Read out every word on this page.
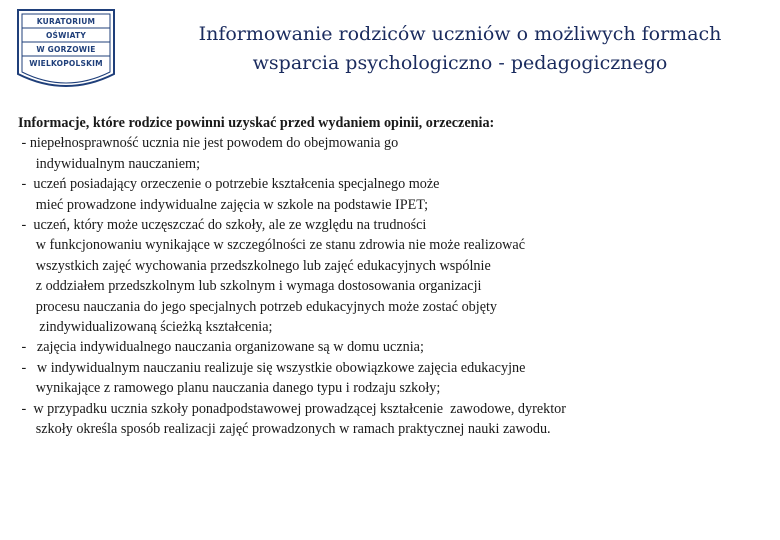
KURATORIUM
OŚWIATY
W GORZOWIE
WIELKOPOLSKIM
Informowanie rodziców uczniów o możliwych formach
wsparcia psychologiczno - pedagogicznego
Informacje, które rodzice powinni uzyskać przed wydaniem opinii, orzeczenia:
- niepełnosprawność ucznia nie jest powodem do obejmowania go
indywidualnym nauczaniem;
-  uczeń posiadający orzeczenie o potrzebie kształcenia specjalnego może
mieć prowadzone indywidualne zajęcia w szkole na podstawie IPET;
-  uczeń, który może uczęszczać do szkoły, ale ze względu na trudności
w funkcjonowaniu wynikające w szczególności ze stanu zdrowia nie może realizować
wszystkich zajęć wychowania przedszkolnego lub zajęć edukacyjnych wspólnie
z oddziałem przedszkolnym lub szkolnym i wymaga dostosowania organizacji
procesu nauczania do jego specjalnych potrzeb edukacyjnych może zostać objęty
zindywidualizowaną ścieżką kształcenia;
-   zajęcia indywidualnego nauczania organizowane są w domu ucznia;
-   w indywidualnym nauczaniu realizuje się wszystkie obowiązkowe zajęcia edukacyjne
wynikające z ramowego planu nauczania danego typu i rodzaju szkoły;
-  w przypadku ucznia szkoły ponadpodstawowej prowadzącej kształcenie  zawodowe, dyrektor
szkoły określa sposób realizacji zajęć prowadzonych w ramach praktycznej nauki zawodu.
